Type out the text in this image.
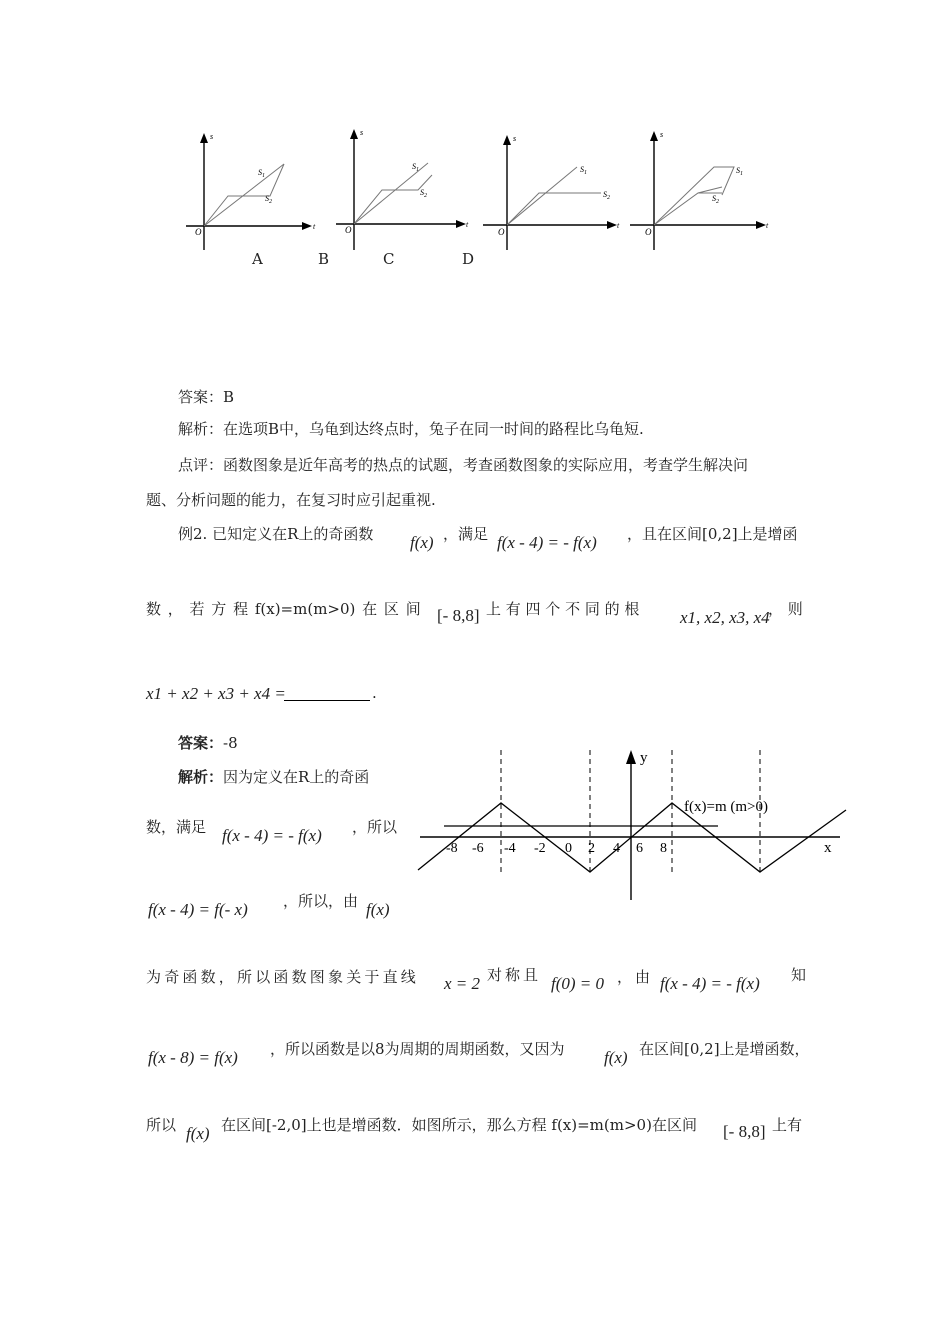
s
t
O
$S_1$
$S_2$
s
t
O
$S_1$
$S_2$
s
t
O
$S_1$
$S_2$
s
t
O
$S_1$
$S_2$
A	B	C	D
答案：B
解析：在选项B中，乌龟到达终点时，兔子在同一时间的路程比乌龟短.
点评：函数图象是近年高考的热点的试题，考查函数图象的实际应用，考查学生解决问
题、分析问题的能力，在复习时应引起重视.
例2. 已知定义在R上的奇函数 f(x) ，满足 f(x - 4) = - f(x) ，且在区间[0,2]上是增函
数 ， 若 方 程 f(x)=m(m>0) 在 区 间 [- 8,8] 上 有 四 个 不 同 的 根 x1, x2, x3, x4
， 则
x1 + x2 + x3 + x4 =	.
答案：-8
解析：因为定义在R上的奇函
数，满足 f(x - 4) = - f(x) ，所以
f(x - 4) = f(- x) ，所以，由 f(x)
为奇函数，所以函数图象关于直线 x = 2 对称且 f(0) = 0 ，由 f(x - 4) = - f(x) 知
f(x - 8) = f(x) ，所以函数是以8为周期的周期函数，又因为 f(x) 在区间[0,2]上是增函数，
所以 f(x) 在区间[-2,0]上也是增函数．如图所示，那么方程 f(x)=m(m>0)在区间 [- 8,8] 上有
y
x
f(x)=m (m>0)
-8 -6 -4 -2 0 2 4 6 8
